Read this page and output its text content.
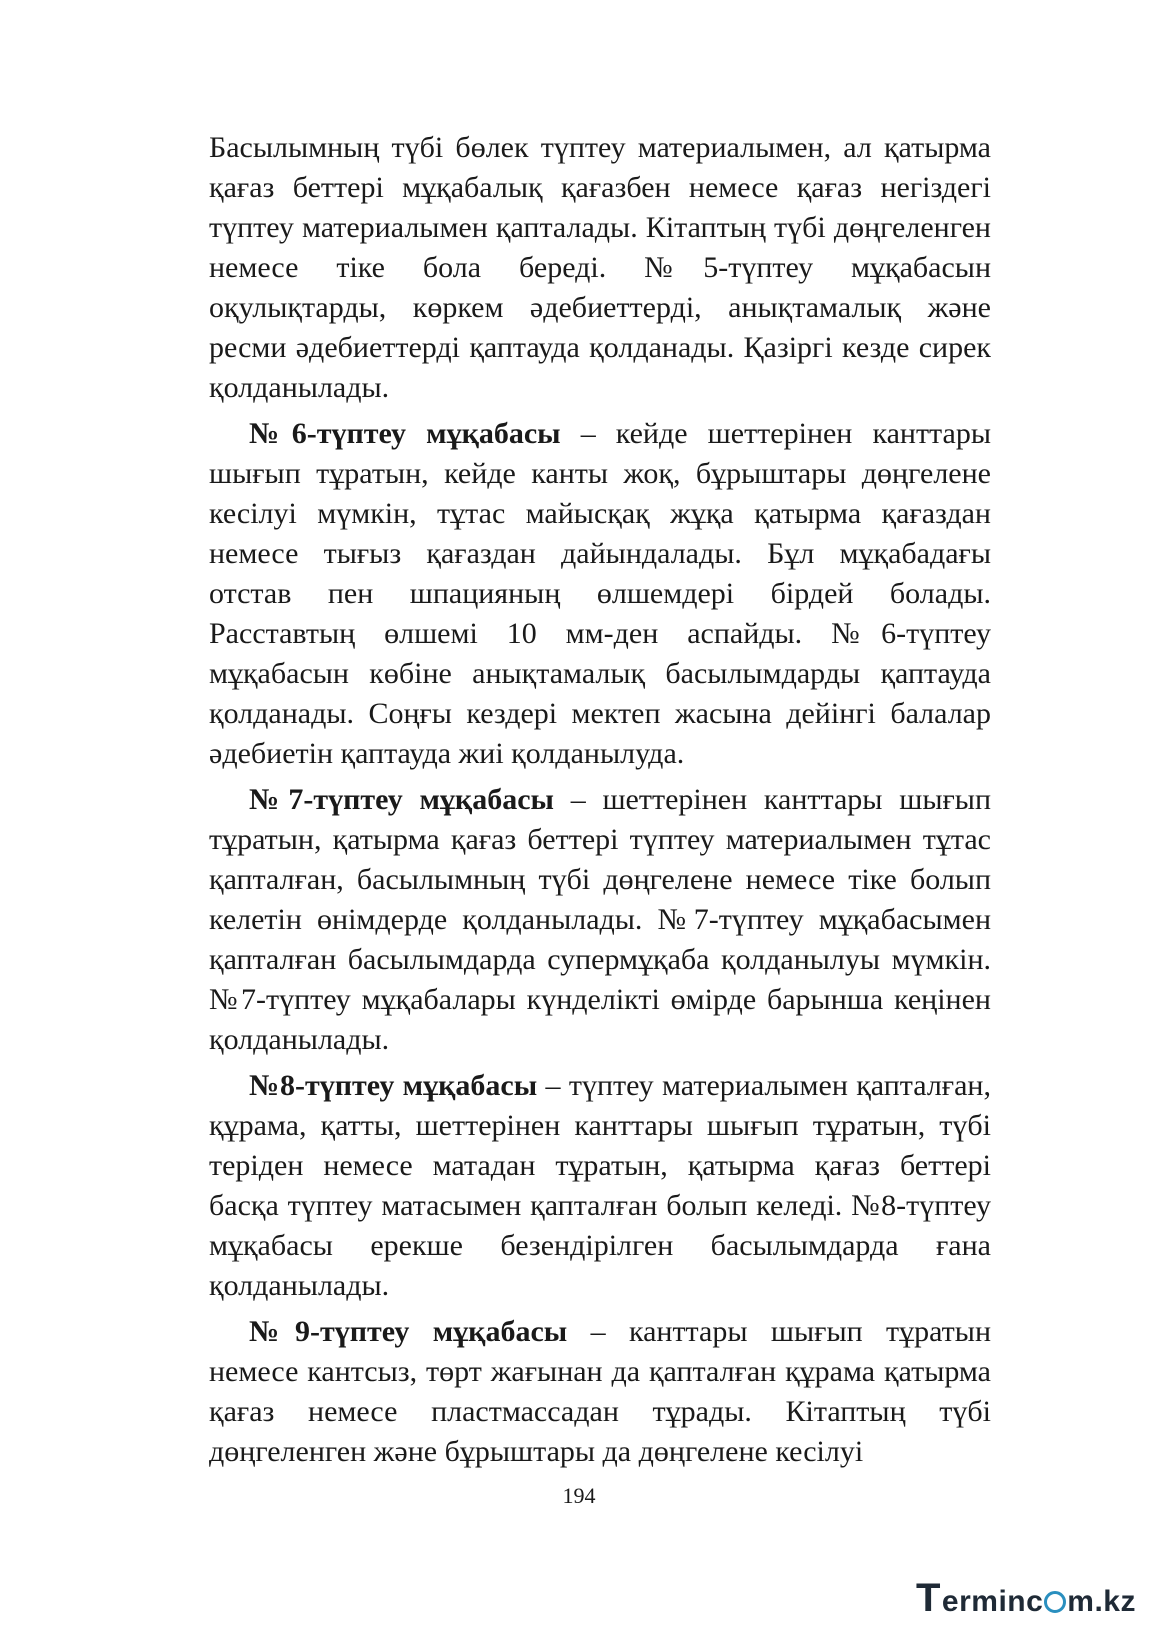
Басылымның түбі бөлек түптеу материалымен, ал қатырма қағаз беттері мұқабалық қағазбен немесе қағаз негіздегі түптеу материалымен қапталады. Кітаптың түбі дөңгеленген немесе тіке бола береді. №5-түптеу мұқабасын оқулықтарды, көркем әдебиеттерді, анықтамалық және ресми әдебиеттерді қаптауда қолданады. Қазіргі кезде сирек қолданылады.

№6-түптеу мұқабасы – кейде шеттерінен канттары шығып тұратын, кейде канты жоқ, бұрыштары дөңгелене кесілуі мүмкін, тұтас майысқақ жұқа қатырма қағаздан немесе тығыз қағаздан дайындалады. Бұл мұқабадағы отстав пен шпацияның өлшемдері бірдей болады. Расставтың өлшемі 10 мм-ден аспайды. №6-түптеу мұқабасын көбіне анықтамалық басылымдарды қаптауда қолданады. Соңғы кездері мектеп жасына дейінгі балалар әдебиетін қаптауда жиі қолданылуда.

№7-түптеу мұқабасы – шеттерінен канттары шығып тұратын, қатырма қағаз беттері түптеу материалымен тұтас қапталған, басылымның түбі дөңгелене немесе тіке болып келетін өнімдерде қолданылады. №7-түптеу мұқабасымен қапталған басылымдарда супермұқаба қолданылуы мүмкін. №7-түптеу мұқабалары күнделікті өмірде барынша кеңінен қолданылады.

№8-түптеу мұқабасы – түптеу материалымен қапталған, құрама, қатты, шеттерінен канттары шығып тұратын, түбі теріден немесе матадан тұратын, қатырма қағаз беттері басқа түптеу матасымен қапталған болып келеді. №8-түптеу мұқабасы ерекше безендірілген басылымдарда ғана қолданылады.

№9-түптеу мұқабасы – канттары шығып тұратын немесе кантсыз, төрт жағынан да қапталған құрама қатырма қағаз немесе пластмассадан тұрады. Кітаптың түбі дөңгеленген және бұрыштары да дөңгелене кесілуі

194
T erminc m.kz
